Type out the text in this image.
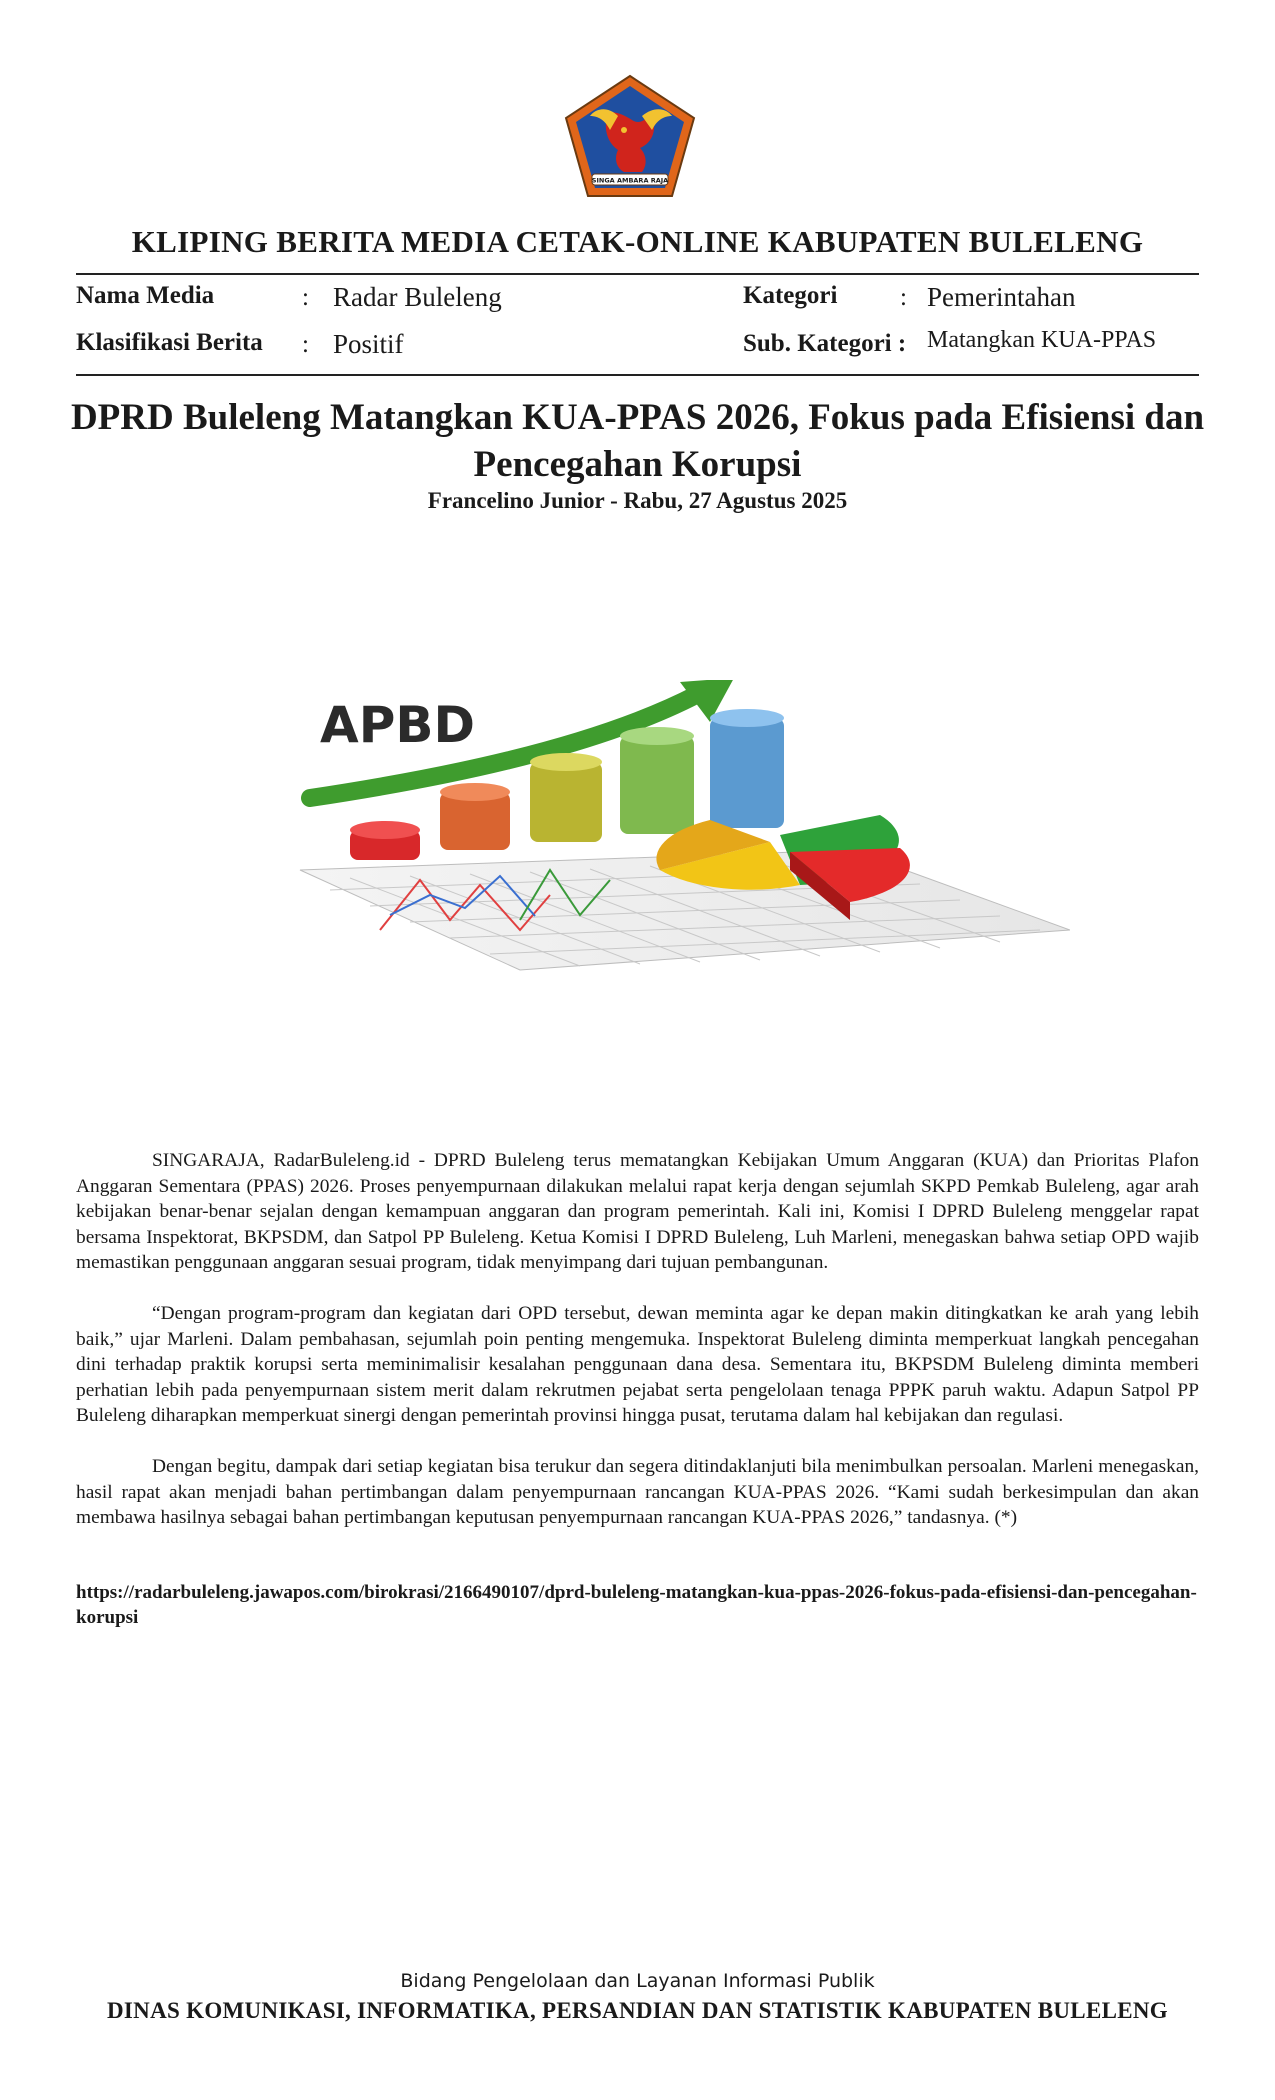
SINGA AMBARA RAJA
KLIPING BERITA MEDIA CETAK-ONLINE KABUPATEN BULELENG
Nama Media	: Radar Buleleng
Klasifikasi Berita : Positif
Kategori	: Pemerintahan
Sub. Kategori : Matangkan KUA-PPAS
DPRD Buleleng Matangkan KUA-PPAS 2026, Fokus pada Efisiensi dan Pencegahan Korupsi
Francelino Junior - Rabu, 27 Agustus 2025
APBD

SINGARAJA, RadarBuleleng.id - DPRD Buleleng terus mematangkan Kebijakan Umum Anggaran (KUA) dan Prioritas Plafon Anggaran Sementara (PPAS) 2026. Proses penyempurnaan dilakukan melalui rapat kerja dengan sejumlah SKPD Pemkab Buleleng, agar arah kebijakan benar-benar sejalan dengan kemampuan anggaran dan program pemerintah. Kali ini, Komisi I DPRD Buleleng menggelar rapat bersama Inspektorat, BKPSDM, dan Satpol PP Buleleng. Ketua Komisi I DPRD Buleleng, Luh Marleni, menegaskan bahwa setiap OPD wajib memastikan penggunaan anggaran sesuai program, tidak menyimpang dari tujuan pembangunan.

“Dengan program-program dan kegiatan dari OPD tersebut, dewan meminta agar ke depan makin ditingkatkan ke arah yang lebih baik,” ujar Marleni. Dalam pembahasan, sejumlah poin penting mengemuka. Inspektorat Buleleng diminta memperkuat langkah pencegahan dini terhadap praktik korupsi serta meminimalisir kesalahan penggunaan dana desa. Sementara itu, BKPSDM Buleleng diminta memberi perhatian lebih pada penyempurnaan sistem merit dalam rekrutmen pejabat serta pengelolaan tenaga PPPK paruh waktu. Adapun Satpol PP Buleleng diharapkan memperkuat sinergi dengan pemerintah provinsi hingga pusat, terutama dalam hal kebijakan dan regulasi.

Dengan begitu, dampak dari setiap kegiatan bisa terukur dan segera ditindaklanjuti bila menimbulkan persoalan. Marleni menegaskan, hasil rapat akan menjadi bahan pertimbangan dalam penyempurnaan rancangan KUA-PPAS 2026. “Kami sudah berkesimpulan dan akan membawa hasilnya sebagai bahan pertimbangan keputusan penyempurnaan rancangan KUA-PPAS 2026,” tandasnya. (*)

https://radarbuleleng.jawapos.com/birokrasi/2166490107/dprd-buleleng-matangkan-kua-ppas-2026-fokus-pada-efisiensi-dan-pencegahan-korupsi
Bidang Pengelolaan dan Layanan Informasi Publik
DINAS KOMUNIKASI, INFORMATIKA, PERSANDIAN DAN STATISTIK KABUPATEN BULELENG
